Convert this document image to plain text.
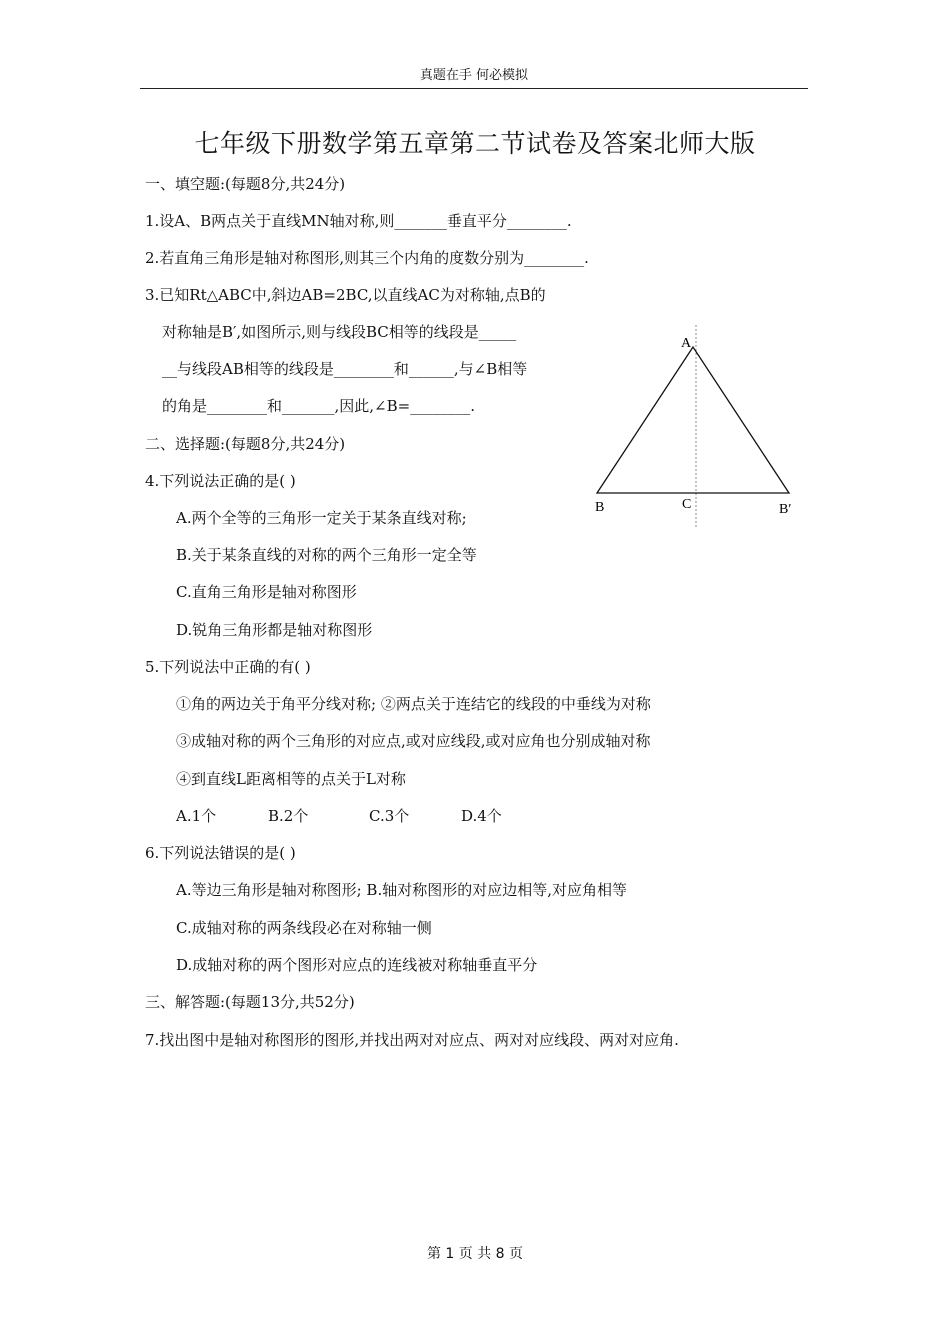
真题在手 何必模拟
七年级下册数学第五章第二节试卷及答案北师大版
一、填空题:(每题8分,共24分)
1.设A、B两点关于直线MN轴对称,则_______垂直平分________.
2.若直角三角形是轴对称图形,则其三个内角的度数分别为________.
3.已知Rt△ABC中,斜边AB=2BC,以直线AC为对称轴,点B的
对称轴是B′,如图所示,则与线段BC相等的线段是_____
__与线段AB相等的线段是________和______,与∠B相等
的角是________和_______,因此,∠B=________.
二、选择题:(每题8分,共24分)
4.下列说法正确的是( )
A.两个全等的三角形一定关于某条直线对称;
B.关于某条直线的对称的两个三角形一定全等
C.直角三角形是轴对称图形
D.锐角三角形都是轴对称图形
5.下列说法中正确的有( )
①角的两边关于角平分线对称; ②两点关于连结它的线段的中垂线为对称
③成轴对称的两个三角形的对应点,或对应线段,或对应角也分别成轴对称
④到直线L距离相等的点关于L对称
A.1个	B.2个	C.3个	D.4个
6.下列说法错误的是( )
A.等边三角形是轴对称图形; B.轴对称图形的对应边相等,对应角相等
C.成轴对称的两条线段必在对称轴一侧
D.成轴对称的两个图形对应点的连线被对称轴垂直平分
三、解答题:(每题13分,共52分)
7.找出图中是轴对称图形的图形,并找出两对对应点、两对对应线段、两对对应角.
A
B	C	B′
第 1 页 共 8 页
